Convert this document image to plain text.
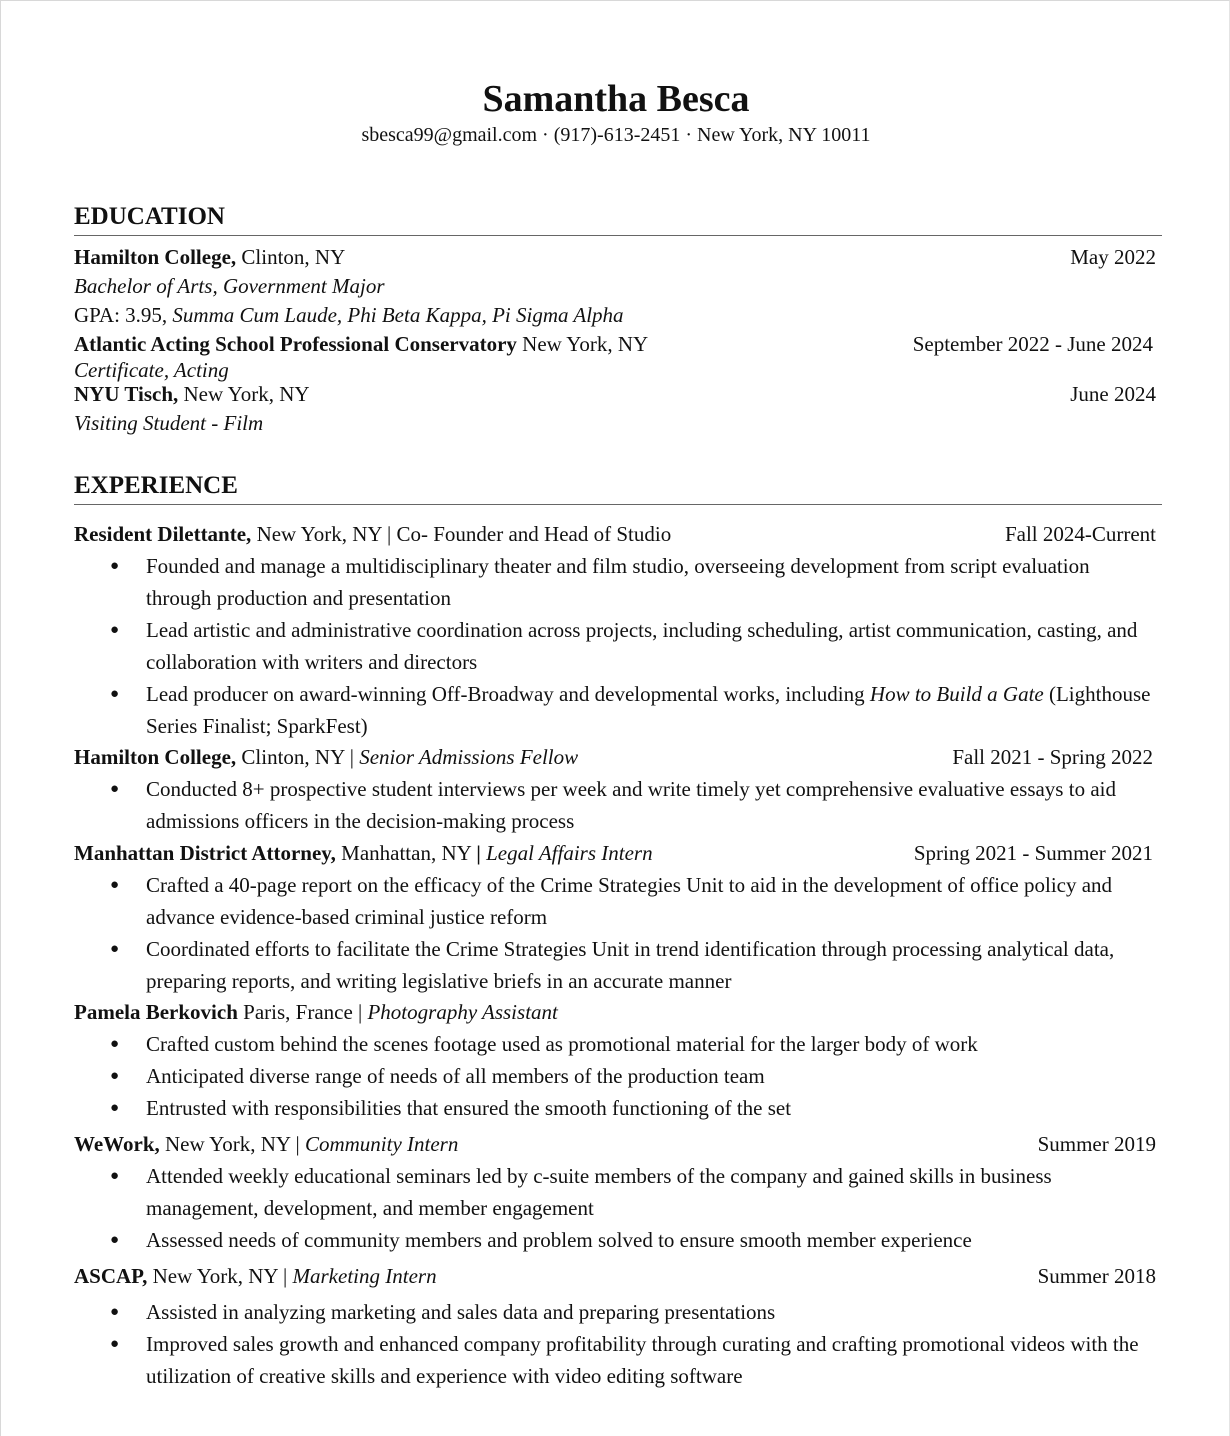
Samantha Besca
sbesca99@gmail.com · (917)-613-2451 · New York, NY 10011
EDUCATION
Hamilton College, Clinton, NY	May 2022
Bachelor of Arts, Government Major
GPA: 3.95, Summa Cum Laude, Phi Beta Kappa, Pi Sigma Alpha
Atlantic Acting School Professional Conservatory New York, NY	September 2022 - June 2024
Certificate, Acting
NYU Tisch, New York, NY	June 2024
Visiting Student - Film
EXPERIENCE
Resident Dilettante, New York, NY | Co- Founder and Head of Studio	Fall 2024-Current
● Founded and manage a multidisciplinary theater and film studio, overseeing development from script evaluation through production and presentation
● Lead artistic and administrative coordination across projects, including scheduling, artist communication, casting, and collaboration with writers and directors
● Lead producer on award-winning Off-Broadway and developmental works, including How to Build a Gate (Lighthouse Series Finalist; SparkFest)
Hamilton College, Clinton, NY | Senior Admissions Fellow	Fall 2021 - Spring 2022
● Conducted 8+ prospective student interviews per week and write timely yet comprehensive evaluative essays to aid admissions officers in the decision-making process
Manhattan District Attorney, Manhattan, NY | Legal Affairs Intern	Spring 2021 - Summer 2021
● Crafted a 40-page report on the efficacy of the Crime Strategies Unit to aid in the development of office policy and advance evidence-based criminal justice reform
● Coordinated efforts to facilitate the Crime Strategies Unit in trend identification through processing analytical data, preparing reports, and writing legislative briefs in an accurate manner
Pamela Berkovich Paris, France | Photography Assistant
● Crafted custom behind the scenes footage used as promotional material for the larger body of work
● Anticipated diverse range of needs of all members of the production team
● Entrusted with responsibilities that ensured the smooth functioning of the set
WeWork, New York, NY | Community Intern	Summer 2019
● Attended weekly educational seminars led by c-suite members of the company and gained skills in business management, development, and member engagement
● Assessed needs of community members and problem solved to ensure smooth member experience
ASCAP, New York, NY | Marketing Intern	Summer 2018
● Assisted in analyzing marketing and sales data and preparing presentations
● Improved sales growth and enhanced company profitability through curating and crafting promotional videos with the utilization of creative skills and experience with video editing software
